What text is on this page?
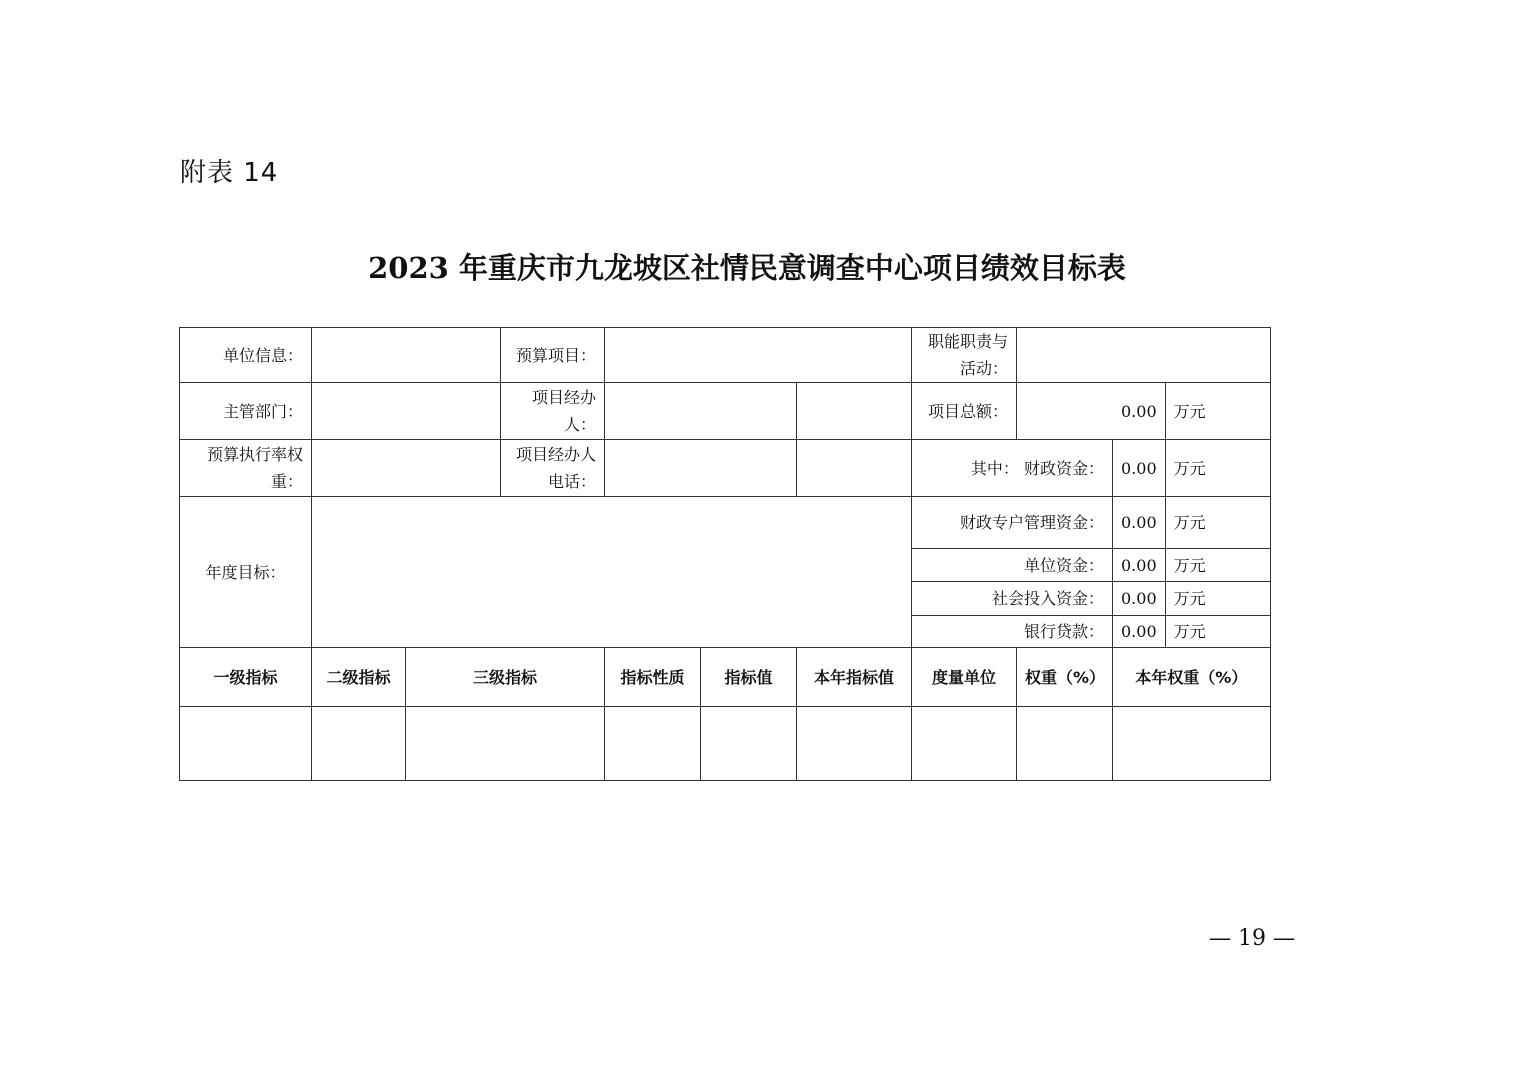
附表 14
2023 年重庆市九龙坡区社情民意调查中心项目绩效目标表
单位信息：			预算项目：				职能职责与活动：			
主管部门：			项目经办人：				项目总额：	0.00		万元
预算执行率权重：			项目经办人电话：				其中： 财政资金：		0.00	万元
年度目标：							财政专户管理资金：		0.00	万元
							单位资金：		0.00	万元
							社会投入资金：		0.00	万元
							银行贷款：		0.00	万元
一级指标	二级指标	三级指标		指标性质	指标值	本年指标值	度量单位	权重（%）	本年权重（%）	

— 19 —
